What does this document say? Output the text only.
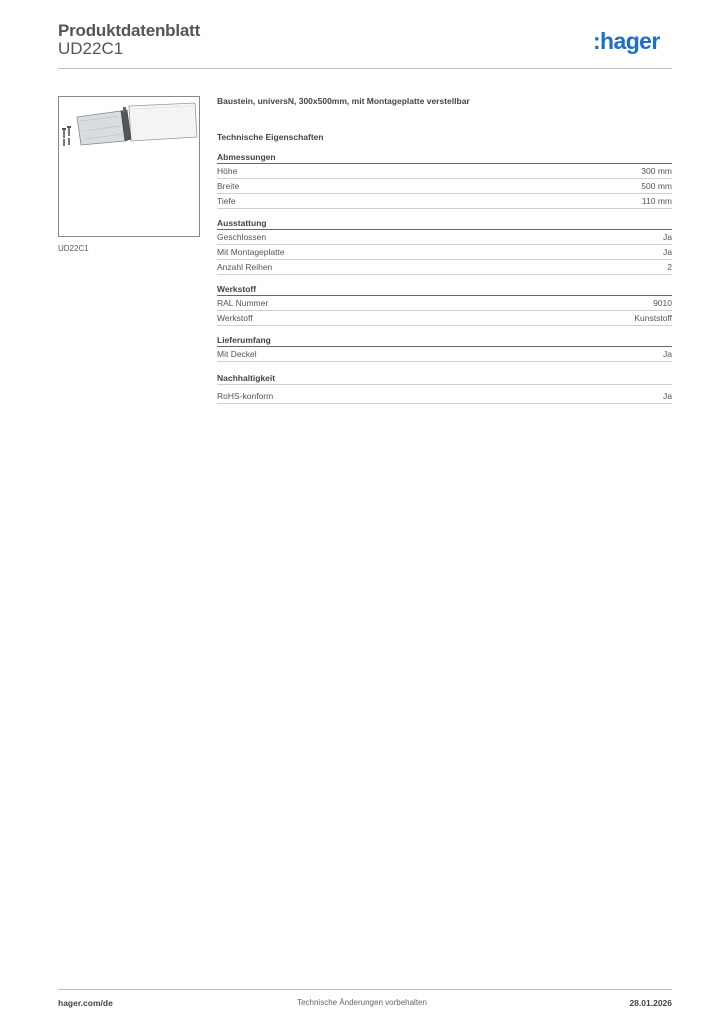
Produktdatenblatt
UD22C1	:hager
UD22C1
Baustein, universN, 300x500mm, mit Montageplatte verstellbar
Technische Eigenschaften
Abmessungen
Höhe	300 mm
Breite	500 mm
Tiefe	110 mm
Ausstattung
Geschlossen	Ja
Mit Montageplatte	Ja
Anzahl Reihen	2
Werkstoff
RAL Nummer	9010
Werkstoff	Kunststoff
Lieferumfang
Mit Deckel	Ja
Nachhaltigkeit
RoHS-konform	Ja
hager.com/de	Technische Änderungen vorbehalten	28.01.2026
